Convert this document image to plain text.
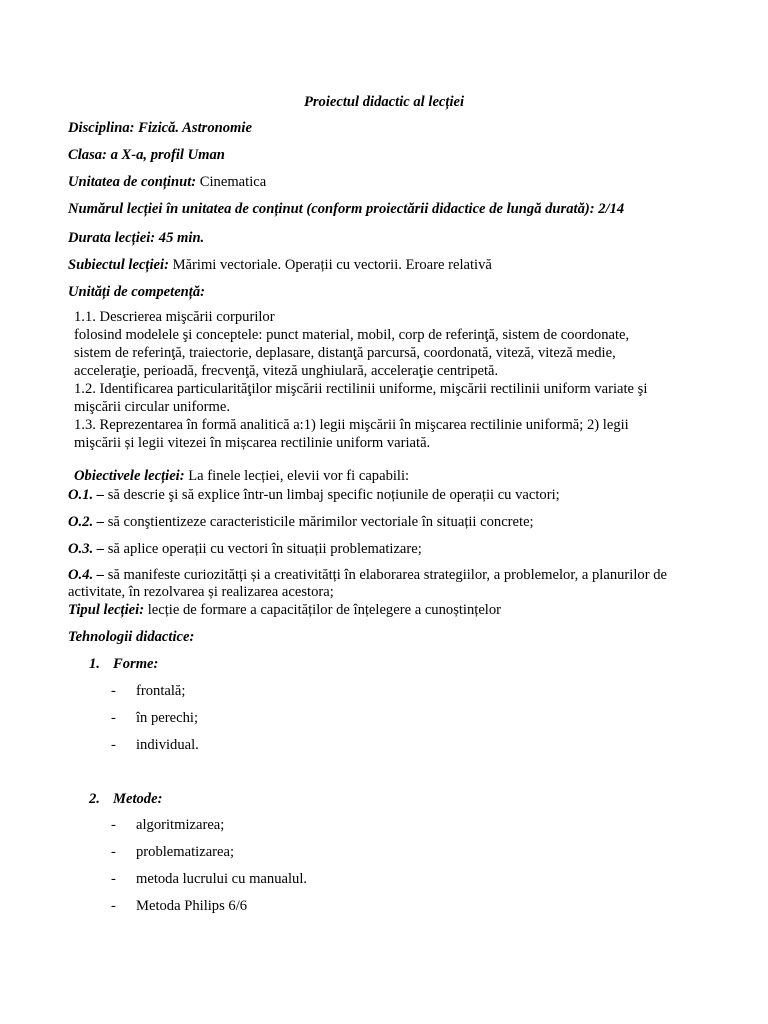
Proiectul didactic al lecției
Disciplina: Fizică. Astronomie
Clasa: a X-a, profil Uman
Unitatea de conținut: Cinematica
Numărul lecției în unitatea de conținut (conform proiectării didactice de lungă durată): 2/14
Durata lecției: 45 min.
Subiectul lecției: Mărimi vectoriale. Operații cu vectorii. Eroare relativă
Unități de competență:
1.1. Descrierea mişcării corpurilor
folosind modelele şi conceptele: punct material, mobil, corp de referinţă, sistem de coordonate,
sistem de referinţă, traiectorie, deplasare, distanţă parcursă, coordonată, viteză, viteză medie,
acceleraţie, perioadă, frecvenţă, viteză unghiulară, acceleraţie centripetă.
1.2. Identificarea particularităţilor mişcării rectilinii uniforme, mişcării rectilinii uniform variate şi
mişcării circular uniforme.
1.3. Reprezentarea în formă analitică a:1) legii mişcării în mişcarea rectilinie uniformă; 2) legii
mişcării și legii vitezei în mișcarea rectilinie uniform variată.
Obiectivele lecției: La finele lecției, elevii vor fi capabili:
O.1. – să descrie şi să explice într-un limbaj specific noțiunile de operații cu vactori;
O.2. – să conştientizeze caracteristicile mărimilor vectoriale în situații concrete;
O.3. – să aplice operații cu vectori în situații problematizare;
O.4. – să manifeste curiozitătți și a creativitătți în elaborarea strategiilor, a problemelor, a planurilor de activitate, în rezolvarea și realizarea acestora;
Tipul lecției: lecție de formare a capacităților de înțelegere a cunoștințelor
Tehnologii didactice:
1. Forme:
- frontală;
- în perechi;
- individual.
2. Metode:
- algoritmizarea;
- problematizarea;
- metoda lucrului cu manualul.
- Metoda Philips 6/6
